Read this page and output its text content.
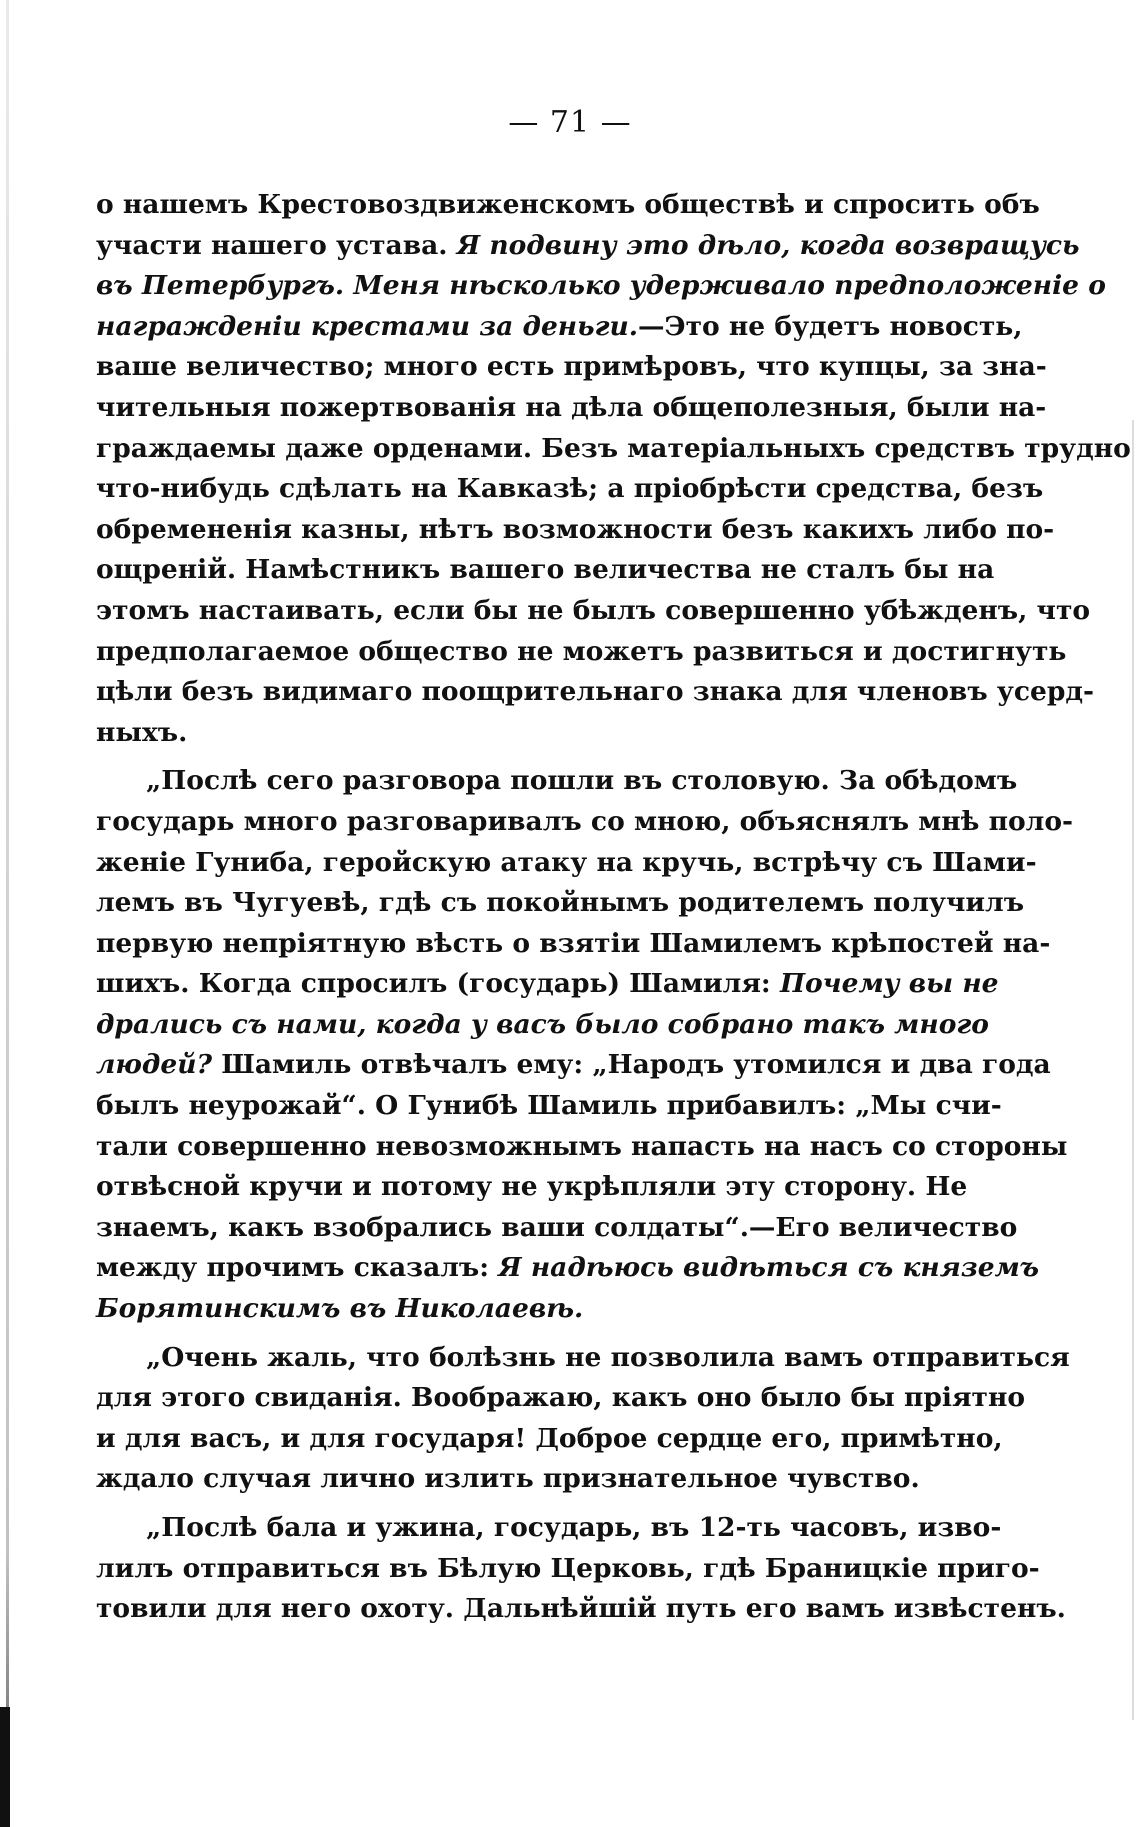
— 71 —
о нашемъ Крестовоздвиженскомъ обществѣ и спросить объ
участи нашего устава. Я подвину это дѣло, когда возвращусь
въ Петербургъ. Меня нѣсколько удерживало предположеніе о
награжденіи крестами за деньги.—Это не будетъ новость,
ваше величество; много есть примѣровъ, что купцы, за зна-
чительныя пожертвованія на дѣла общеполезныя, были на-
граждаемы даже орденами. Безъ матеріальныхъ средствъ трудно
что-нибудь сдѣлать на Кавказѣ; а пріобрѣсти средства, безъ
обремененія казны, нѣтъ возможности безъ какихъ либо по-
ощреній. Намѣстникъ вашего величества не сталъ бы на
этомъ настаивать, если бы не былъ совершенно убѣжденъ, что
предполагаемое общество не можетъ развиться и достигнуть
цѣли безъ видимаго поощрительнаго знака для членовъ усерд-
ныхъ.
„Послѣ сего разговора пошли въ столовую. За обѣдомъ
государь много разговаривалъ со мною, объяснялъ мнѣ поло-
женіе Гуниба, геройскую атаку на кручь, встрѣчу съ Шами-
лемъ въ Чугуевѣ, гдѣ съ покойнымъ родителемъ получилъ
первую непріятную вѣсть о взятіи Шамилемъ крѣпостей на-
шихъ. Когда спросилъ (государь) Шамиля: Почему вы не
дрались съ нами, когда у васъ было собрано такъ много
людей? Шамиль отвѣчалъ ему: „Народъ утомился и два года
былъ неурожай“. О Гунибѣ Шамиль прибавилъ: „Мы счи-
тали совершенно невозможнымъ напасть на насъ со стороны
отвѣсной кручи и потому не укрѣпляли эту сторону. Не
знаемъ, какъ взобрались ваши солдаты“.—Его величество
между прочимъ сказалъ: Я надѣюсь видѣться съ княземъ
Борятинскимъ въ Николаевѣ.
„Очень жаль, что болѣзнь не позволила вамъ отправиться
для этого свиданія. Воображаю, какъ оно было бы пріятно
и для васъ, и для государя! Доброе сердце его, примѣтно,
ждало случая лично излить признательное чувство.
„Послѣ бала и ужина, государь, въ 12-ть часовъ, изво-
лилъ отправиться въ Бѣлую Церковь, гдѣ Браницкіе приго-
товили для него охоту. Дальнѣйшій путь его вамъ извѣстенъ.
